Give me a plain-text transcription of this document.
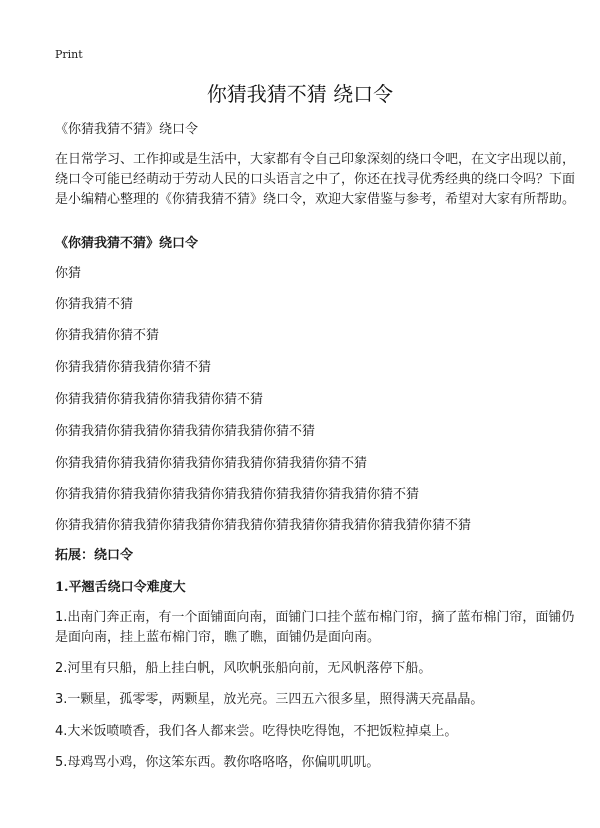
Print
你猜我猜不猜 绕口令
《你猜我猜不猜》绕口令
在日常学习、工作抑或是生活中，大家都有令自己印象深刻的绕口令吧，在文字出现以前，绕口令可能已经萌动于劳动人民的口头语言之中了，你还在找寻优秀经典的绕口令吗？下面是小编精心整理的《你猜我猜不猜》绕口令，欢迎大家借鉴与参考，希望对大家有所帮助。
《你猜我猜不猜》绕口令
你猜
你猜我猜不猜
你猜我猜你猜不猜
你猜我猜你猜我猜你猜不猜
你猜我猜你猜我猜你猜我猜你猜不猜
你猜我猜你猜我猜你猜我猜你猜我猜你猜不猜
你猜我猜你猜我猜你猜我猜你猜我猜你猜我猜你猜不猜
你猜我猜你猜我猜你猜我猜你猜我猜你猜我猜你猜我猜你猜不猜
你猜我猜你猜我猜你猜我猜你猜我猜你猜我猜你猜我猜你猜我猜你猜不猜
拓展：绕口令
1.平翘舌绕口令难度大
1.出南门奔正南，有一个面铺面向南，面铺门口挂个蓝布棉门帘，摘了蓝布棉门帘，面铺仍是面向南，挂上蓝布棉门帘，瞧了瞧，面铺仍是面向南。
2.河里有只船，船上挂白帆，风吹帆张船向前，无风帆落停下船。
3.一颗星，孤零零，两颗星，放光亮。三四五六很多星，照得满天亮晶晶。
4.大米饭喷喷香，我们各人都来尝。吃得快吃得饱，不把饭粒掉桌上。
5.母鸡骂小鸡，你这笨东西。教你咯咯咯，你偏叽叽叽。
